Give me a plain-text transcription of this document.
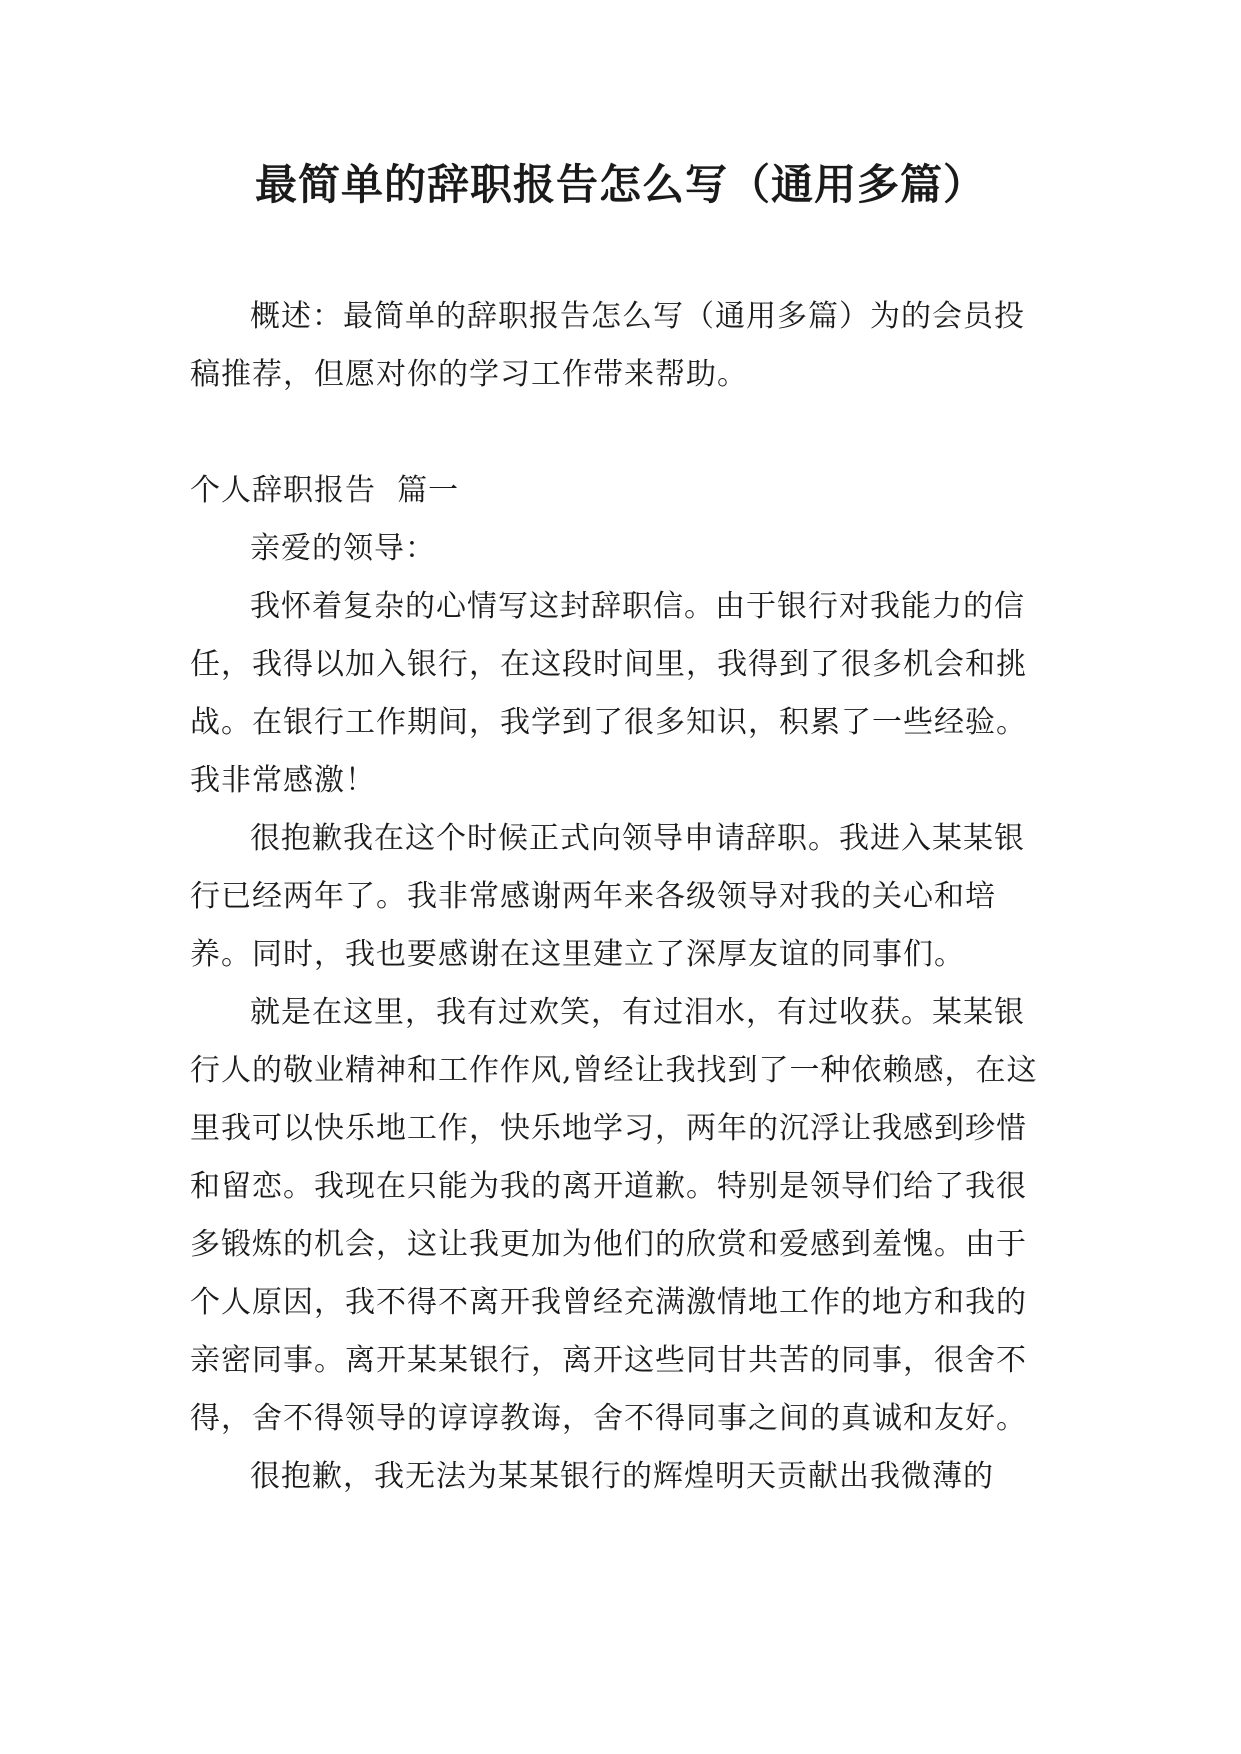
最简单的辞职报告怎么写（通用多篇）

概述：最简单的辞职报告怎么写（通用多篇）为的会员投稿推荐，但愿对你的学习工作带来帮助。

个人辞职报告  篇一

亲爱的领导：

我怀着复杂的心情写这封辞职信。由于银行对我能力的信任，我得以加入银行，在这段时间里，我得到了很多机会和挑战。在银行工作期间，我学到了很多知识，积累了一些经验。我非常感激！

很抱歉我在这个时候正式向领导申请辞职。我进入某某银行已经两年了。我非常感谢两年来各级领导对我的关心和培养。同时，我也要感谢在这里建立了深厚友谊的同事们。

就是在这里，我有过欢笑，有过泪水，有过收获。某某银行人的敬业精神和工作作风,曾经让我找到了一种依赖感，在这里我可以快乐地工作，快乐地学习，两年的沉浮让我感到珍惜和留恋。我现在只能为我的离开道歉。特别是领导们给了我很多锻炼的机会，这让我更加为他们的欣赏和爱感到羞愧。由于个人原因，我不得不离开我曾经充满激情地工作的地方和我的亲密同事。离开某某银行，离开这些同甘共苦的同事，很舍不得，舍不得领导的谆谆教诲，舍不得同事之间的真诚和友好。

很抱歉，我无法为某某银行的辉煌明天贡献出我微薄的
